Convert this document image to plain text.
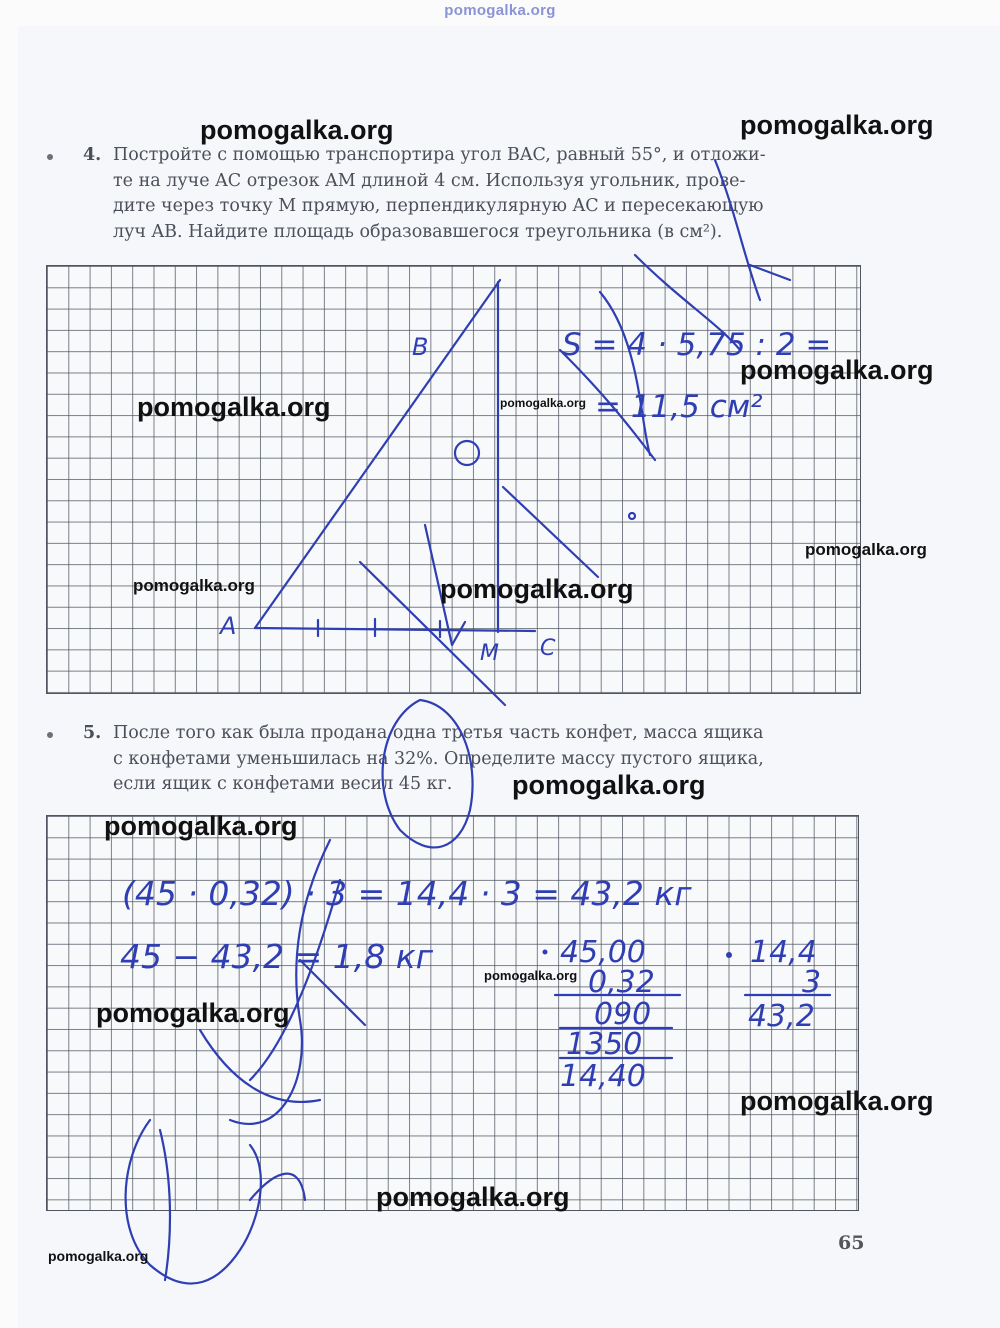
pomogalka.org
4. Постройте с помощью транспортира угол BAC, равный 55°, и отложи-

те на луче AC отрезок AM длиной 4 см. Используя угольник, прове-

дите через точку M прямую, перпендикулярную AC и пересекающую

луч AB. Найдите площадь образовавшегося треугольника (в см²).

5. После того как была продана одна третья часть конфет, масса ящика

с конфетами уменьшилась на 32%. Определите массу пустого ящика,

если ящик с конфетами весил 45 кг.

A
B
M C
S = 4 · 5,75 : 2 =
= 11,5 см²
(45 · 0,32) · 3 = 14,4 · 3 = 43,2 кг
45 − 43,2 = 1,8 кг	45,00
0,32
090
1350
14,40
14,4
3
43,2
pomogalka.org	pomogalka.org
pomogalka.org
pomogalka.org	pomogalka.org
pomogalka.org
pomogalka.org	pomogalka.org
pomogalka.org
pomogalka.org
pomogalka.org
pomogalka.org
pomogalka.org
pomogalka.org
pomogalka.org
65
